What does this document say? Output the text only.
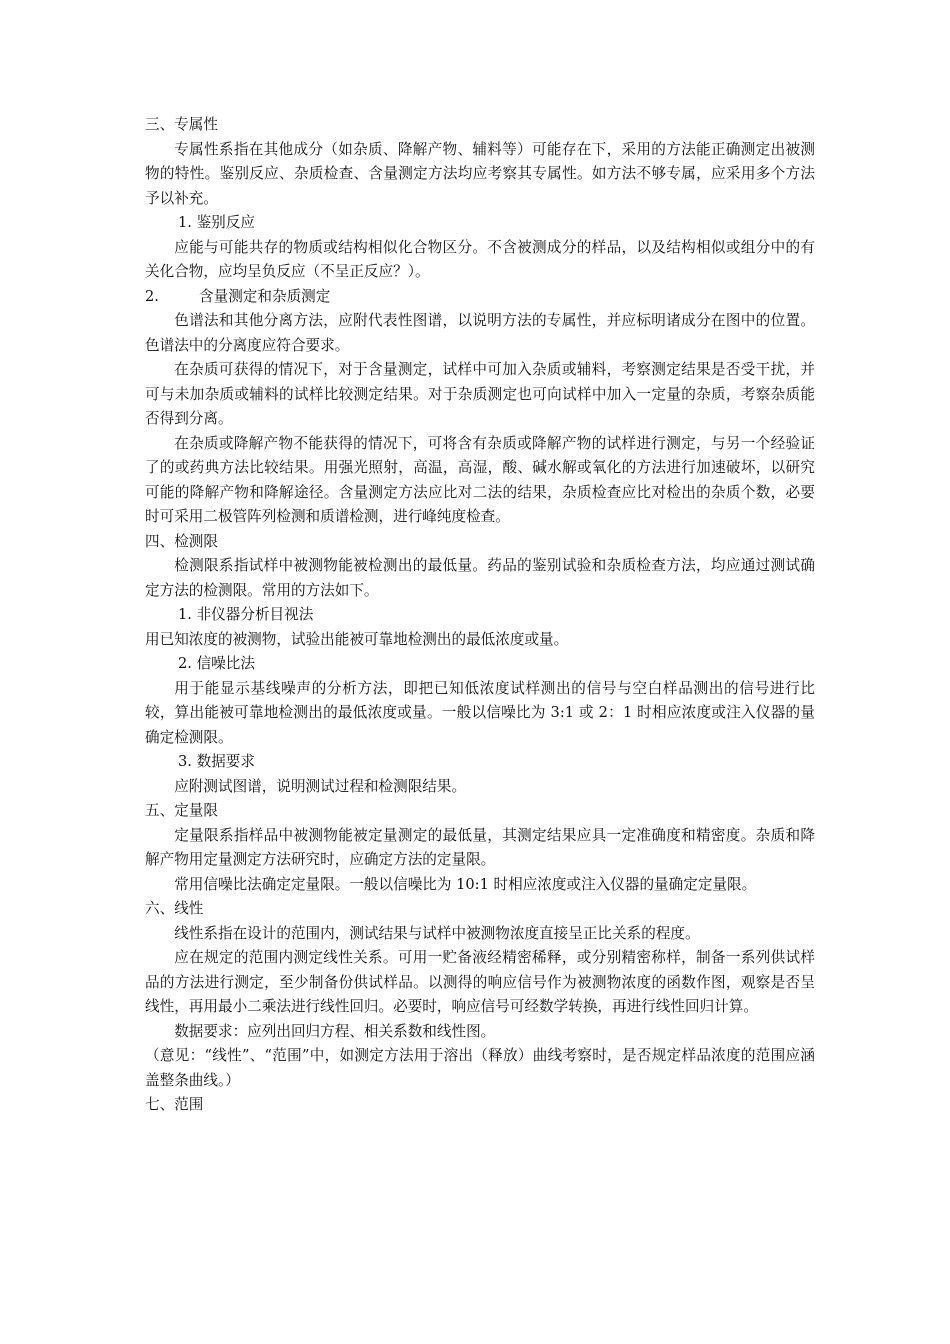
三、专属性

专属性系指在其他成分（如杂质、降解产物、辅料等）可能存在下，采用的方法能正确测定出被测物的特性。鉴别反应、杂质检查、含量测定方法均应考察其专属性。如方法不够专属，应采用多个方法予以补充。

1. 鉴别反应

应能与可能共存的物质或结构相似化合物区分。不含被测成分的样品，以及结构相似或组分中的有关化合物，应均呈负反应（不呈正反应？）。

2.	含量测定和杂质测定

色谱法和其他分离方法，应附代表性图谱，以说明方法的专属性，并应标明诸成分在图中的位置。色谱法中的分离度应符合要求。

在杂质可获得的情况下，对于含量测定，试样中可加入杂质或辅料，考察测定结果是否受干扰，并可与未加杂质或辅料的试样比较测定结果。对于杂质测定也可向试样中加入一定量的杂质，考察杂质能否得到分离。

在杂质或降解产物不能获得的情况下，可将含有杂质或降解产物的试样进行测定，与另一个经验证了的或药典方法比较结果。用强光照射，高温，高湿，酸、碱水解或氧化的方法进行加速破坏，以研究可能的降解产物和降解途径。含量测定方法应比对二法的结果，杂质检查应比对检出的杂质个数，必要时可采用二极管阵列检测和质谱检测，进行峰纯度检查。

四、检测限

检测限系指试样中被测物能被检测出的最低量。药品的鉴别试验和杂质检查方法，均应通过测试确定方法的检测限。常用的方法如下。

1. 非仪器分析目视法

用已知浓度的被测物，试验出能被可靠地检测出的最低浓度或量。

2. 信噪比法

用于能显示基线噪声的分析方法，即把已知低浓度试样测出的信号与空白样品测出的信号进行比较，算出能被可靠地检测出的最低浓度或量。一般以信噪比为 3:1 或 2：1 时相应浓度或注入仪器的量确定检测限。

3. 数据要求

应附测试图谱，说明测试过程和检测限结果。

五、定量限

定量限系指样品中被测物能被定量测定的最低量，其测定结果应具一定准确度和精密度。杂质和降解产物用定量测定方法研究时，应确定方法的定量限。

常用信噪比法确定定量限。一般以信噪比为 10:1 时相应浓度或注入仪器的量确定定量限。

六、线性

线性系指在设计的范围内，测试结果与试样中被测物浓度直接呈正比关系的程度。

应在规定的范围内测定线性关系。可用一贮备液经精密稀释，或分别精密称样，制备一系列供试样品的方法进行测定，至少制备份供试样品。以测得的响应信号作为被测物浓度的函数作图，观察是否呈线性，再用最小二乘法进行线性回归。必要时，响应信号可经数学转换，再进行线性回归计算。

数据要求：应列出回归方程、相关系数和线性图。

（意见：“线性”、“范围”中，如测定方法用于溶出（释放）曲线考察时，是否规定样品浓度的范围应涵盖整条曲线。）

七、范围
